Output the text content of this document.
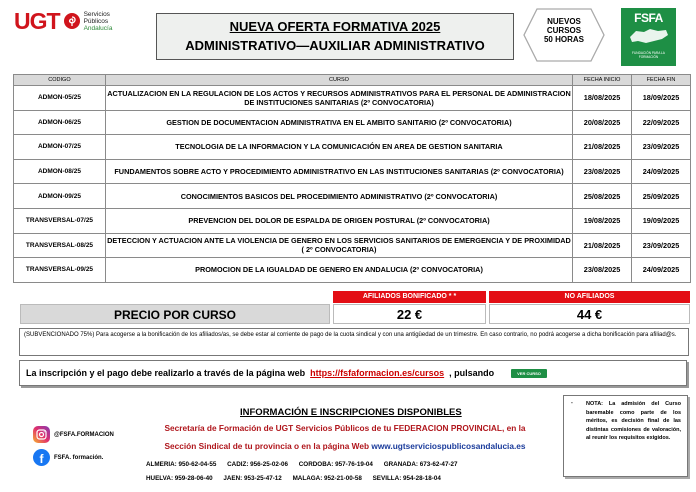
UGT	Servicios
Públicos
Andalucía	NUEVA OFERTA FORMATIVA 2025
ADMINISTRATIVO—AUXILIAR ADMINISTRATIVO
NUEVOS
CURSOS
50 HORAS
FSFA
FUNDACIÓN PARA LA FORMACIÓN
CODIGO	CURSO	FECHA INICIO	FECHA FIN
ADMON-05/25	ACTUALIZACION EN LA REGULACION DE LOS ACTOS Y RECURSOS ADMINISTRATIVOS PARA EL PERSONAL DE ADMINISTRACION DE INSTITUCIONES SANITARIAS (2º CONVOCATORIA)	18/08/2025	18/09/2025
ADMON-06/25	GESTION DE DOCUMENTACION ADMINISTRATIVA EN EL AMBITO SANITARIO (2º CONVOCATORIA)	20/08/2025	22/09/2025
ADMON-07/25	TECNOLOGIA DE LA INFORMACION Y LA COMUNICACIÓN EN AREA DE GESTION SANITARIA	21/08/2025	23/09/2025
ADMON-08/25	FUNDAMENTOS SOBRE ACTO Y PROCEDIMIENTO ADMINISTRATIVO EN LAS INSTITUCIONES SANITARIAS (2º CONVOCATORIA)	23/08/2025	24/09/2025
ADMON-09/25	CONOCIMIENTOS BASICOS DEL PROCEDIMIENTO ADMINISTRATIVO (2º CONVOCATORIA)	25/08/2025	25/09/2025
TRANSVERSAL-07/25	PREVENCION DEL DOLOR DE ESPALDA DE ORIGEN POSTURAL (2º CONVOCATORIA)	19/08/2025	19/09/2025
TRANSVERSAL-08/25	DETECCION Y ACTUACION ANTE LA VIOLENCIA DE GENERO EN LOS SERVICIOS SANITARIOS DE EMERGENCIA Y DE PROXIMIDAD ( 2º CONVOCATORIA)	21/08/2025	23/09/2025
TRANSVERSAL-09/25	PROMOCION DE LA IGUALDAD DE GENERO EN ANDALUCIA (2º CONVOCATORIA)	23/08/2025	24/09/2025
AFILIADOS BONIFICADO * *	NO AFILIADOS
PRECIO POR CURSO	22 €	44 €
(SUBVENCIONADO 75%) Para acogerse a la bonificación de los afiliados/as, se debe estar al corriente de pago de la cuota sindical y con una antigüedad de un trimestre. En caso contrario, no podrá acogerse a dicha bonificación para afiliad@s.
La inscripción y el pago debe realizarlo a través de la página web https://fsfaformacion.es/cursos , pulsando	VER CURSO
INFORMACIÓN E INSCRIPCIONES DISPONIBLES
@FSFA.FORMACION
f	FSFA. formación.
Secretaría de Formación de UGT Servicios Públicos de tu FEDERACION PROVINCIAL, en la
Sección Sindical de tu provincia o en la página Web www.ugtserviciospublicosandalucia.es
ALMERIA: 950-62-04-55 CADIZ: 956-25-02-06 CORDOBA: 957-76-19-04 GRANADA: 673-62-47-27
HUELVA: 959-28-06-40 JAEN: 953-25-47-12 MALAGA: 952-21-00-58 SEVILLA: 954-28-18-04
- NOTA: La admisión del Curso baremable como parte de los méritos, es decisión final de las distintas comisiones de valoración, al reunir los requisitos exigidos.
